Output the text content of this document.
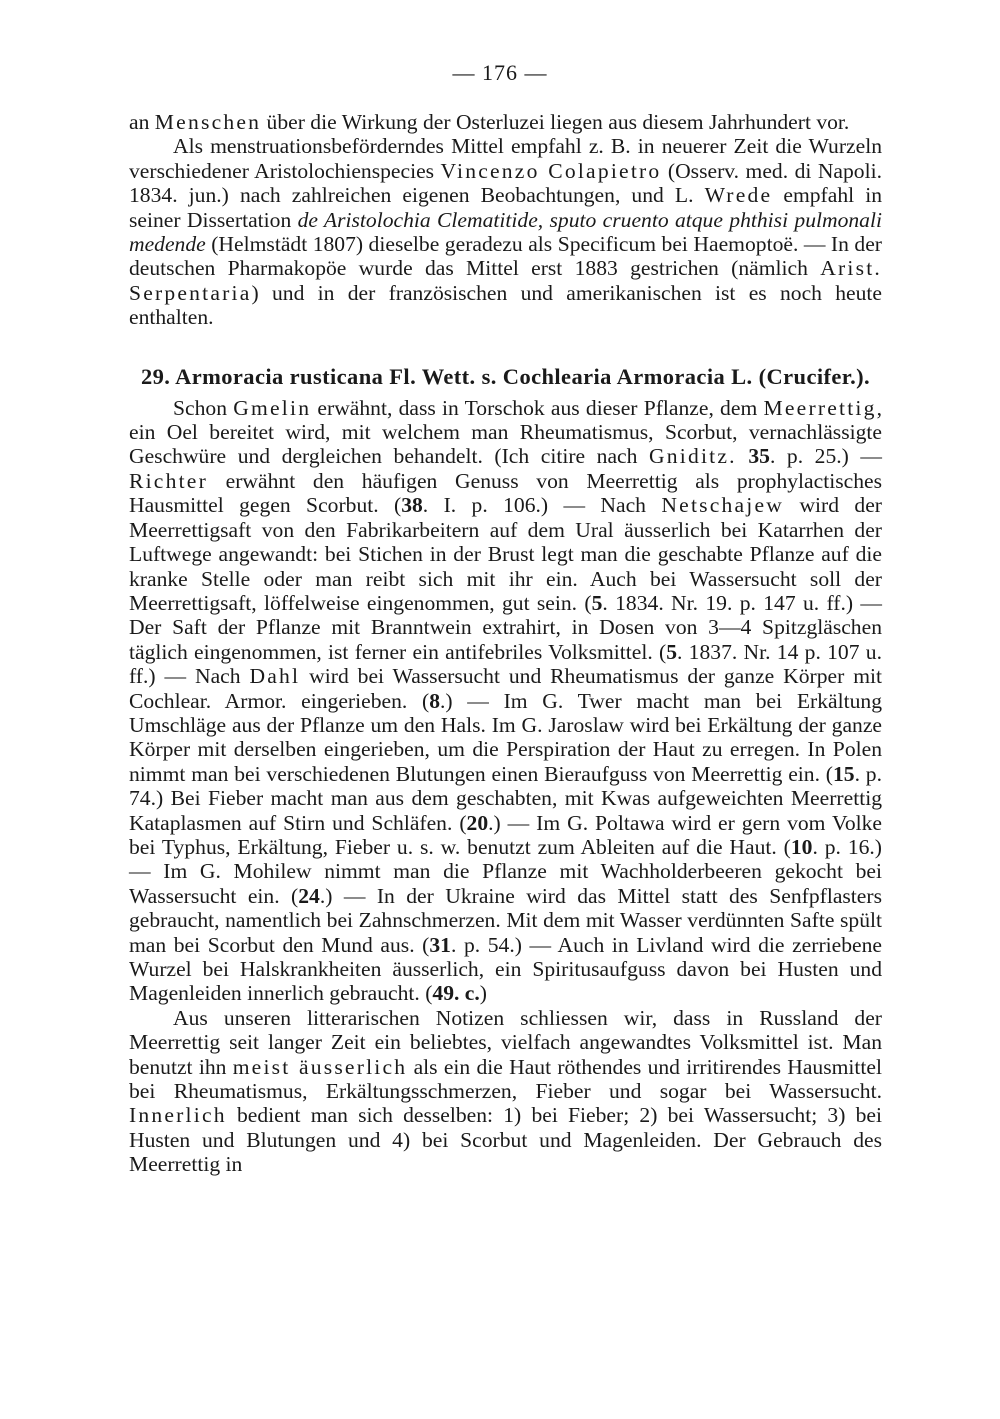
— 176 —

an Menschen über die Wirkung der Osterluzei liegen aus diesem Jahrhundert vor.

Als menstruationsbeförderndes Mittel empfahl z. B. in neuerer Zeit die Wurzeln verschiedener Aristolochienspecies Vincenzo Colapietro (Osserv. med. di Napoli. 1834. jun.) nach zahlreichen eigenen Beobachtungen, und L. Wrede empfahl in seiner Dissertation de Aristolochia Clematitide, sputo cruento atque phthisi pulmonali medende (Helmstädt 1807) dieselbe geradezu als Specificum bei Haemoptoë. — In der deutschen Pharmakopöe wurde das Mittel erst 1883 gestrichen (nämlich Arist. Serpentaria) und in der französischen und amerikanischen ist es noch heute enthalten.

29. Armoracia rusticana Fl. Wett. s. Cochlearia Armoracia L. (Crucifer.).

Schon Gmelin erwähnt, dass in Torschok aus dieser Pflanze, dem Meerrettig, ein Oel bereitet wird, mit welchem man Rheumatismus, Scorbut, vernachlässigte Geschwüre und dergleichen behandelt. (Ich citire nach Gniditz. 35. p. 25.) — Richter erwähnt den häufigen Genuss von Meerrettig als prophylactisches Hausmittel gegen Scorbut. (38. I. p. 106.) — Nach Netschajew wird der Meerrettigsaft von den Fabrikarbeitern auf dem Ural äusserlich bei Katarrhen der Luftwege angewandt: bei Stichen in der Brust legt man die geschabte Pflanze auf die kranke Stelle oder man reibt sich mit ihr ein. Auch bei Wassersucht soll der Meerrettigsaft, löffelweise eingenommen, gut sein. (5. 1834. Nr. 19. p. 147 u. ff.) — Der Saft der Pflanze mit Branntwein extrahirt, in Dosen von 3—4 Spitzgläschen täglich eingenommen, ist ferner ein antifebriles Volksmittel. (5. 1837. Nr. 14 p. 107 u. ff.) — Nach Dahl wird bei Wassersucht und Rheumatismus der ganze Körper mit Cochlear. Armor. eingerieben. (8.) — Im G. Twer macht man bei Erkältung Umschläge aus der Pflanze um den Hals. Im G. Jaroslaw wird bei Erkältung der ganze Körper mit derselben eingerieben, um die Perspiration der Haut zu erregen. In Polen nimmt man bei verschiedenen Blutungen einen Bieraufguss von Meerrettig ein. (15. p. 74.) Bei Fieber macht man aus dem geschabten, mit Kwas aufgeweichten Meerrettig Kataplasmen auf Stirn und Schläfen. (20.) — Im G. Poltawa wird er gern vom Volke bei Typhus, Erkältung, Fieber u. s. w. benutzt zum Ableiten auf die Haut. (10. p. 16.) — Im G. Mohilew nimmt man die Pflanze mit Wachholderbeeren gekocht bei Wassersucht ein. (24.) — In der Ukraine wird das Mittel statt des Senfpflasters gebraucht, namentlich bei Zahnschmerzen. Mit dem mit Wasser verdünnten Safte spült man bei Scorbut den Mund aus. (31. p. 54.) — Auch in Livland wird die zerriebene Wurzel bei Halskrankheiten äusserlich, ein Spiritusaufguss davon bei Husten und Magenleiden innerlich gebraucht. (49. c.)

Aus unseren litterarischen Notizen schliessen wir, dass in Russland der Meerrettig seit langer Zeit ein beliebtes, vielfach angewandtes Volksmittel ist. Man benutzt ihn meist äusserlich als ein die Haut röthendes und irritirendes Hausmittel bei Rheumatismus, Erkältungsschmerzen, Fieber und sogar bei Wassersucht. Innerlich bedient man sich desselben: 1) bei Fieber; 2) bei Wassersucht; 3) bei Husten und Blutungen und 4) bei Scorbut und Magenleiden. Der Gebrauch des Meerrettig in
